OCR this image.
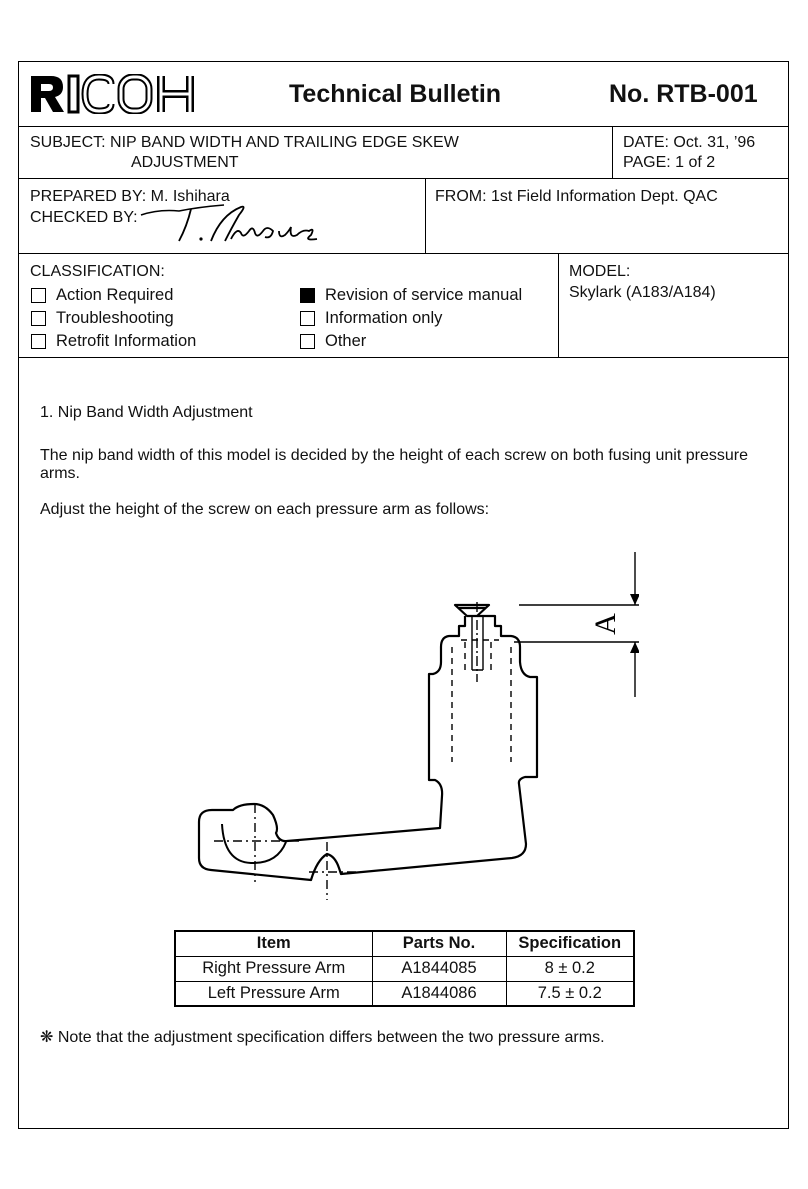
Technical Bulletin	No. RTB-001
SUBJECT: NIP BAND WIDTH AND TRAILING EDGE SKEW
ADJUSTMENT
DATE: Oct. 31, ’96
PAGE: 1 of 2
PREPARED BY: M. Ishihara
CHECKED BY:
FROM: 1st Field Information Dept. QAC
CLASSIFICATION:
Action Required
Troubleshooting
Retrofit Information
Revision of service manual
Information only
Other
MODEL:
Skylark (A183/A184)
1. Nip Band Width Adjustment
The nip band width of this model is decided by the height of each screw on both fusing unit pressure arms.
Adjust the height of the screw on each pressure arm as follows:
A
Item	Parts No.	Specification
Right Pressure Arm	A1844085	8 ± 0.2
Left Pressure Arm	A1844086	7.5 ± 0.2
❋ Note that the adjustment specification differs between the two pressure arms.
